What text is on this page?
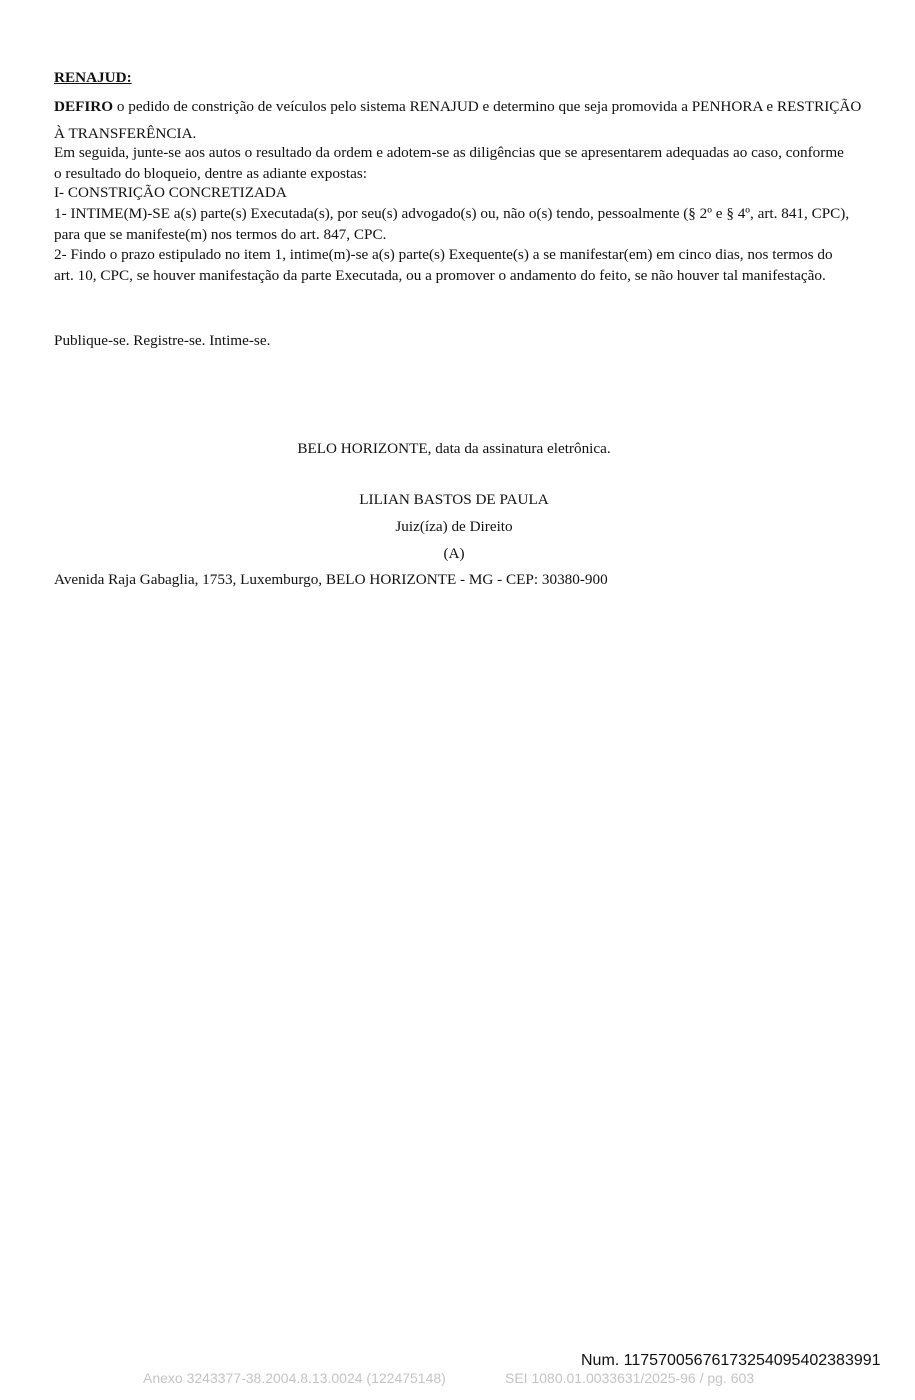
RENAJUD:
DEFIRO o pedido de constrição de veículos pelo sistema RENAJUD e determino que seja promovida a PENHORA e RESTRIÇÃO À TRANSFERÊNCIA.
Em seguida, junte-se aos autos o resultado da ordem e adotem-se as diligências que se apresentarem adequadas ao caso, conforme o resultado do bloqueio, dentre as adiante expostas:
I- CONSTRIÇÃO CONCRETIZADA
1- INTIME(M)-SE a(s) parte(s) Executada(s), por seu(s) advogado(s) ou, não o(s) tendo, pessoalmente (§ 2º e § 4º, art. 841, CPC), para que se manifeste(m) nos termos do art. 847, CPC.
2- Findo o prazo estipulado no item 1, intime(m)-se a(s) parte(s) Exequente(s) a se manifestar(em) em cinco dias, nos termos do art. 10, CPC, se houver manifestação da parte Executada, ou a promover o andamento do feito, se não houver tal manifestação.
Publique-se. Registre-se. Intime-se.
BELO HORIZONTE, data da assinatura eletrônica.
LILIAN BASTOS DE PAULA
Juiz(íza) de Direito
(A)
Avenida Raja Gabaglia, 1753, Luxemburgo, BELO HORIZONTE - MG - CEP: 30380-900
Num. 11757005676173254095402383991
Anexo 3243377-38.2004.8.13.0024 (122475148)	SEI 1080.01.0033631/2025-96 / pg. 603
